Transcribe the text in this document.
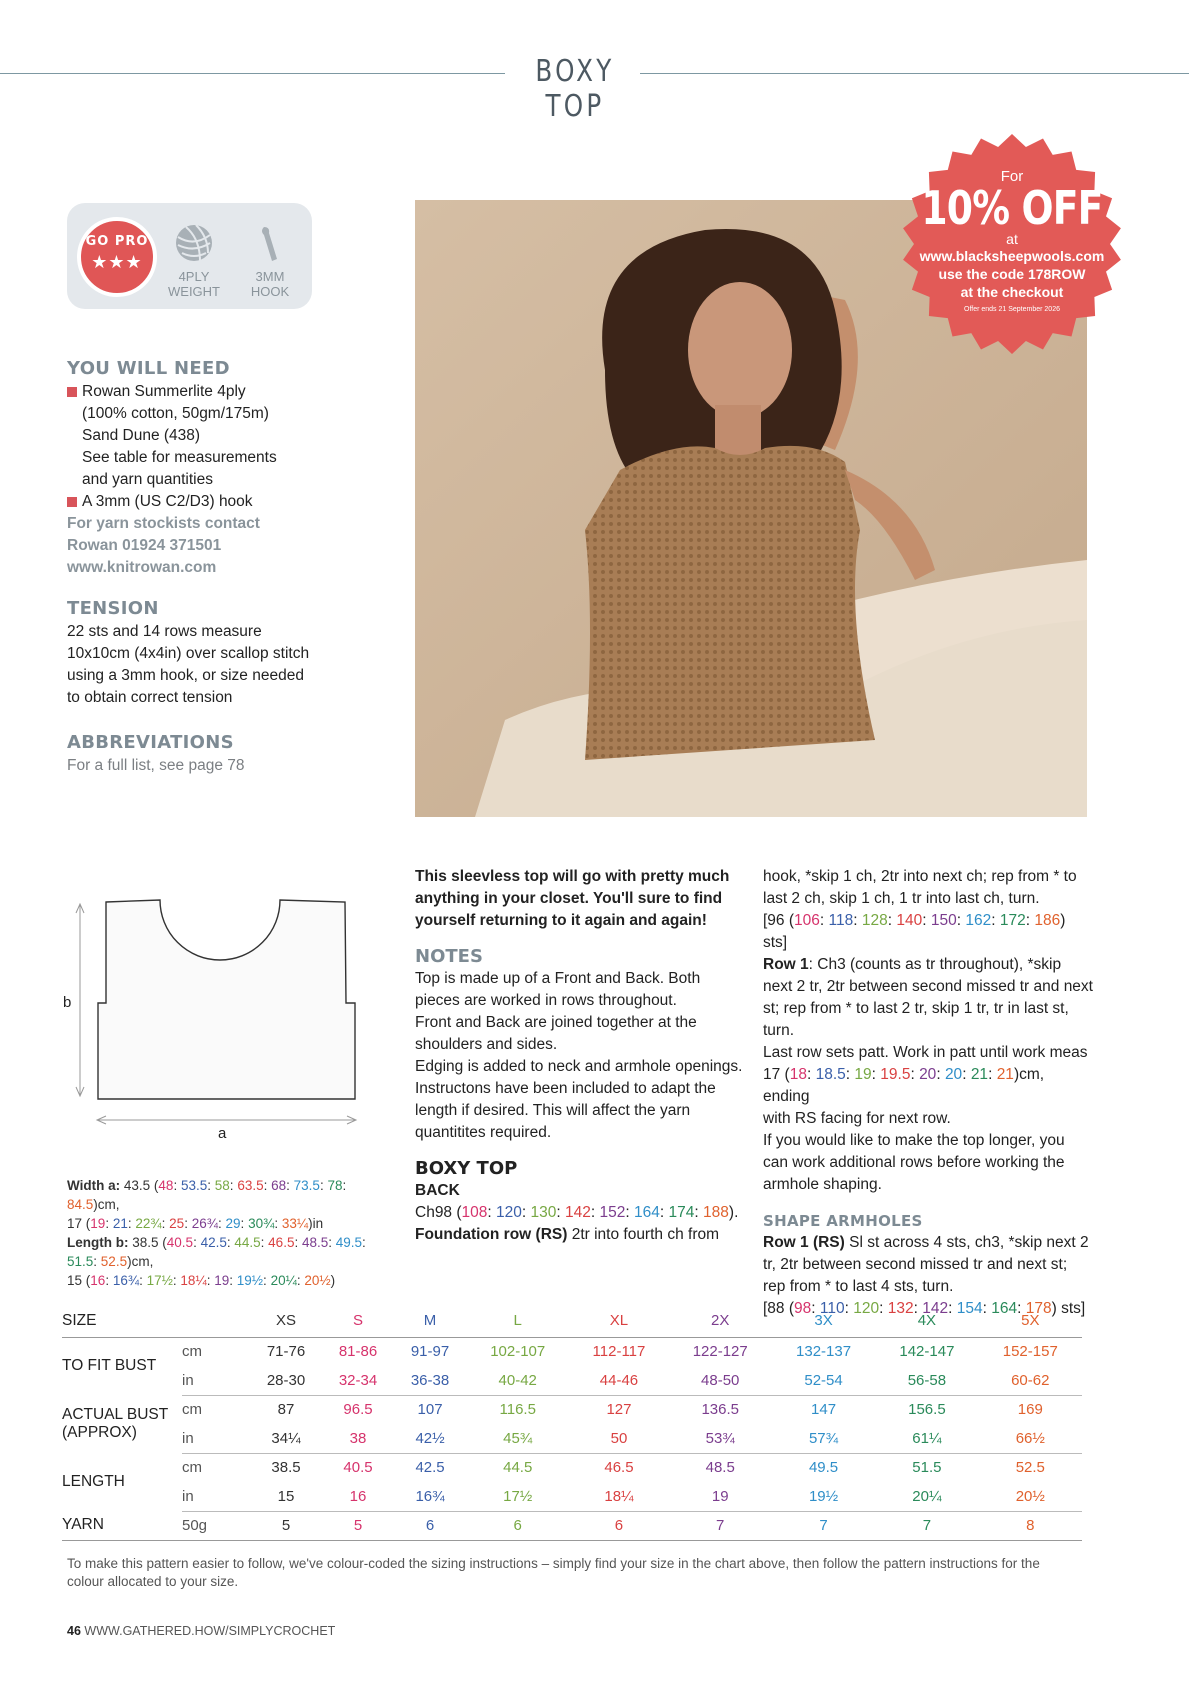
BOXY TOP
GO PRO
★★★
4PLY
WEIGHT
3MM
HOOK
YOU WILL NEED
Rowan Summerlite 4ply
(100% cotton, 50gm/175m)
Sand Dune (438)
See table for measurements
and yarn quantities
A 3mm (US C2/D3) hook
For yarn stockists contact
Rowan 01924 371501
www.knitrowan.com
TENSION
22 sts and 14 rows measure
10x10cm (4x4in) over scallop stitch
using a 3mm hook, or size needed
to obtain correct tension
ABBREVIATIONS
For a full list, see page 78
For
10% OFF
at
www.blacksheepwools.com
use the code 178ROW
at the checkout
Offer ends 21 September 2026
b
a
Width a: 43.5 (48: 53.5: 58: 63.5: 68: 73.5: 78: 84.5)cm,
17 (19: 21: 22¾: 25: 26¾: 29: 30¾: 33¼)in
Length b: 38.5 (40.5: 42.5: 44.5: 46.5: 48.5: 49.5: 51.5: 52.5)cm,
15 (16: 16¾: 17½: 18¼: 19: 19½: 20¼: 20½)
This sleevless top will go with pretty much anything in your closet. You'll sure to find yourself returning to it again and again!
NOTES
Top is made up of a Front and Back. Both pieces are worked in rows throughout.
Front and Back are joined together at the shoulders and sides.
Edging is added to neck and armhole openings.
Instructons have been included to adapt the length if desired. This will affect the yarn quantitites required.
BOXY TOP
BACK
Ch98 (108: 120: 130: 142: 152: 164: 174: 188).
Foundation row (RS) 2tr into fourth ch from
hook, *skip 1 ch, 2tr into next ch; rep from * to last 2 ch, skip 1 ch, 1 tr into last ch, turn.
[96 (106: 118: 128: 140: 150: 162: 172: 186) sts]
Row 1: Ch3 (counts as tr throughout), *skip next 2 tr, 2tr between second missed tr and next st; rep from * to last 2 tr, skip 1 tr, tr in last st, turn.
Last row sets patt. Work in patt until work meas
17 (18: 18.5: 19: 19.5: 20: 20: 21: 21)cm, ending
with RS facing for next row.
If you would like to make the top longer, you can work additional rows before working the armhole shaping.
SHAPE ARMHOLES
Row 1 (RS) Sl st across 4 sts, ch3, *skip next 2 tr, 2tr between second missed tr and next st; rep from * to last 4 sts, turn.
[88 (98: 110: 120: 132: 142: 154: 164: 178) sts]
SIZE		XS	S	M	L	XL	2X	3X	4X	5X
TO FIT BUST	cm	71-76	81-86	91-97	102-107	112-117	122-127	132-137	142-147	152-157
	in	28-30	32-34	36-38	40-42	44-46	48-50	52-54	56-58	60-62
ACTUAL BUST (APPROX)	cm	87	96.5	107	116.5	127	136.5	147	156.5	169
	in	34¼	38	42½	45¾	50	53¾	57¾	61¼	66½
LENGTH	cm	38.5	40.5	42.5	44.5	46.5	48.5	49.5	51.5	52.5
	in	15	16	16¾	17½	18¼	19	19½	20¼	20½
YARN	50g	5	5	6	6	6	7	7	7	8
To make this pattern easier to follow, we've colour-coded the sizing instructions – simply find your size in the chart above, then follow the pattern instructions for the colour allocated to your size.
46 WWW.GATHERED.HOW/SIMPLYCROCHET
